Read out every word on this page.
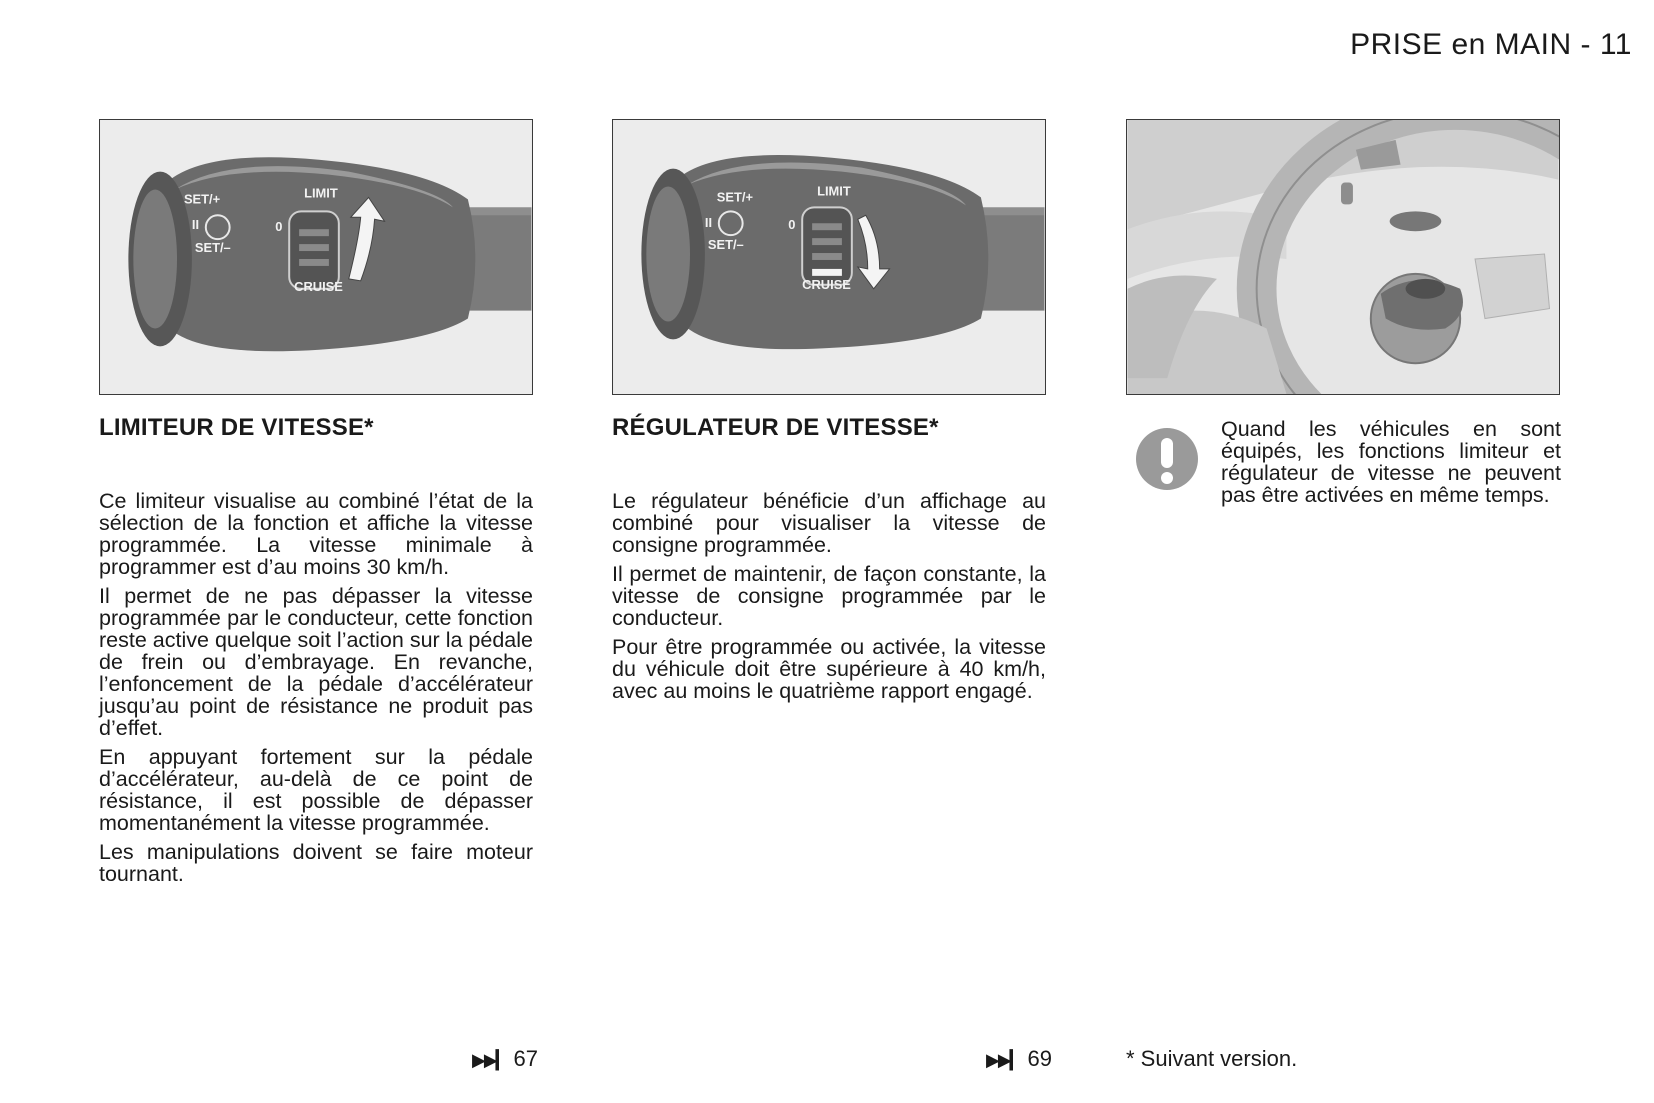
PRISE en MAIN - 11
SET/+
SET/–
LIMIT
CRUISE
0
II
SET/+
SET/–
LIMIT
CRUISE
0
II
LIMITEUR DE VITESSE*

Ce limiteur visualise au combiné l’état de la sélection de la fonction et affiche la vitesse programmée. La vitesse minimale à programmer est d’au moins 30 km/h.

Il permet de ne pas dépasser la vitesse programmée par le conducteur, cette fonction reste active quelque soit l’action sur la pédale de frein ou d’embrayage. En revanche, l’enfoncement de la pédale d’accélérateur jusqu’au point de résistance ne produit pas d’effet.

En appuyant fortement sur la pédale d’accélérateur, au-delà de ce point de résistance, il est possible de dépasser momentanément la vitesse programmée.

Les manipulations doivent se faire moteur tournant.

RÉGULATEUR DE VITESSE*

Le régulateur bénéficie d’un affichage au combiné pour visualiser la vitesse de consigne programmée.

Il permet de maintenir, de façon constante, la vitesse de consigne programmée par le conducteur.

Pour être programmée ou activée, la vitesse du véhicule doit être supérieure à 40 km/h, avec au moins le quatrième rapport engagé.

Quand les véhicules en sont équipés, les fonctions limiteur et régulateur de vitesse ne peuvent pas être activées en même temps.

▶▶▎ 67	▶▶▎ 69	* Suivant version.
